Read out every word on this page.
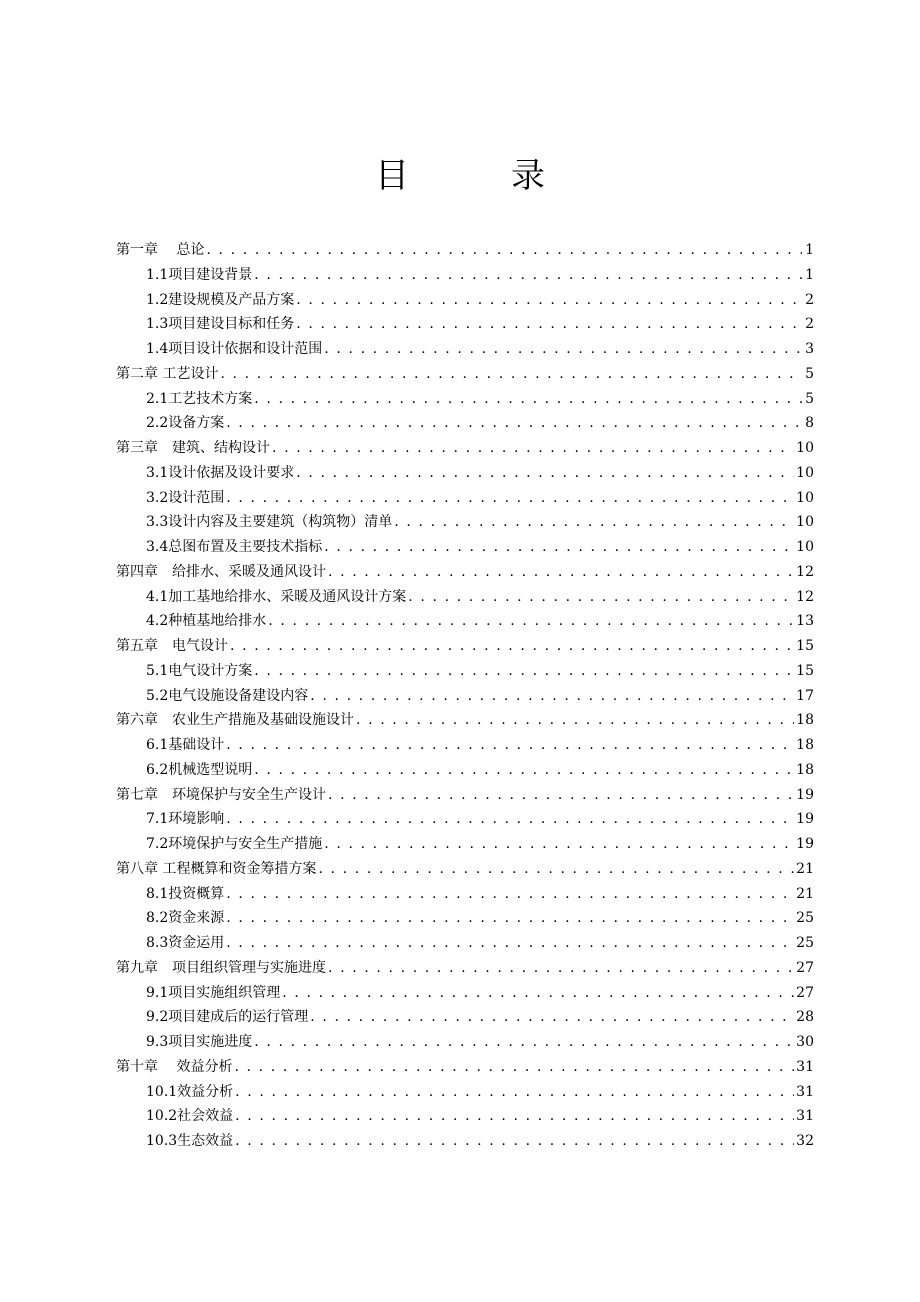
目　录
第一章　 总论 . . .	1
1.1项目建设背景 . . .	1
1.2建设规模及产品方案 . . .	2
1.3项目建设目标和任务 . . .	2
1.4项目设计依据和设计范围 . . .	3
第二章 工艺设计 . . .	5
2.1工艺技术方案 . . .	5
2.2设备方案 . . .	8
第三章　建筑、结构设计 . . .	10
3.1设计依据及设计要求 . . .	10
3.2设计范围 . . .	10
3.3设计内容及主要建筑（构筑物）清单 . . .	10
3.4总图布置及主要技术指标 . . .	10
第四章　给排水、采暖及通风设计 . . .	12
4.1加工基地给排水、采暖及通风设计方案 . . .	12
4.2种植基地给排水 . . .	13
第五章　电气设计 . . .	15
5.1电气设计方案 . . .	15
5.2电气设施设备建设内容 . . .	17
第六章　农业生产措施及基础设施设计 . . .	18
6.1基础设计 . . .	18
6.2机械选型说明 . . .	18
第七章　环境保护与安全生产设计 . . .	19
7.1环境影响 . . .	19
7.2环境保护与安全生产措施 . . .	19
第八章 工程概算和资金筹措方案 . . .	21
8.1投资概算 . . .	21
8.2资金来源 . . .	25
8.3资金运用 . . .	25
第九章　项目组织管理与实施进度 . . .	27
9.1项目实施组织管理 . . .	27
9.2项目建成后的运行管理 . . .	28
9.3项目实施进度 . . .	30
第十章　 效益分析 . . .	31
10.1效益分析 . . .	31
10.2社会效益 . . .	31
10.3生态效益 . . .	32
